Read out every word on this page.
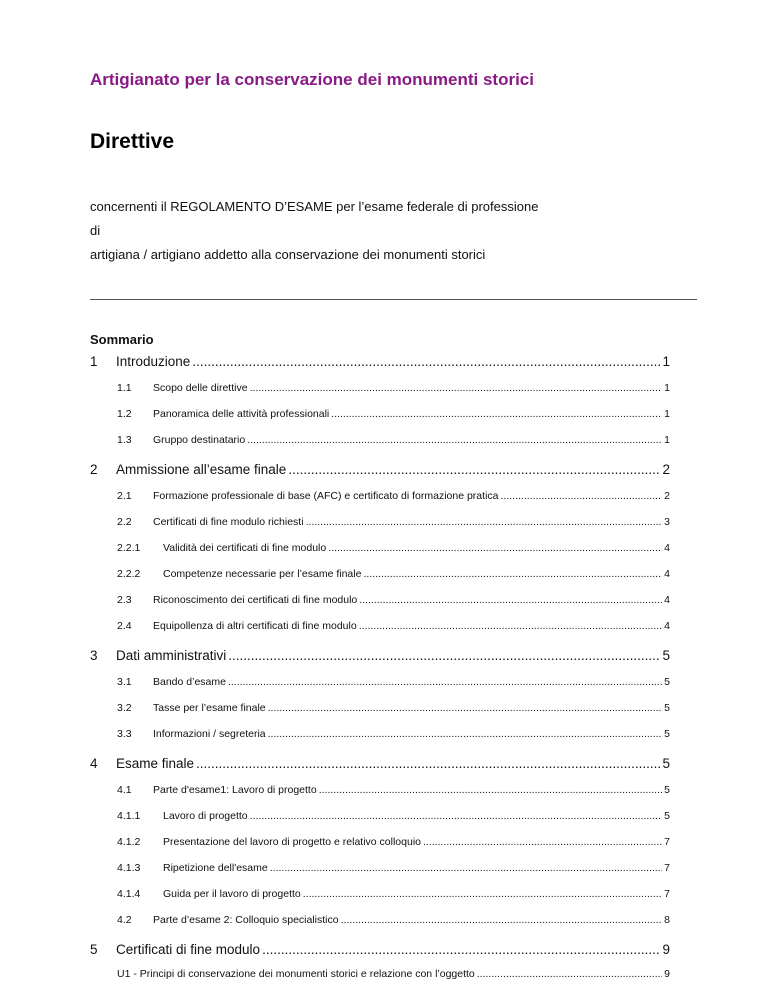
Artigianato per la conservazione dei monumenti storici
Direttive

concernenti il REGOLAMENTO D’ESAME per l’esame federale di professione

di

artigiana / artigiano addetto alla conservazione dei monumenti storici

Sommario
1	Introduzione .....	1
1.1	Scopo delle direttive .....	1
1.2	Panoramica delle attività professionali .....	1
1.3	Gruppo destinatario .....	1
2	Ammissione all’esame finale .....	2
2.1	Formazione professionale di base (AFC) e certificato di formazione pratica .....	2
2.2	Certificati di fine modulo richiesti .....	3
2.2.1	Validità dei certificati di fine modulo .....	4
2.2.2	Competenze necessarie per l’esame finale .....	4
2.3	Riconoscimento dei certificati di fine modulo .....	4
2.4	Equipollenza di altri certificati di fine modulo .....	4
3	Dati amministrativi .....	5
3.1	Bando d’esame .....	5
3.2	Tasse per l’esame finale .....	5
3.3	Informazioni / segreteria .....	5
4	Esame finale .....	5
4.1	Parte d'esame1: Lavoro di progetto .....	5
4.1.1	Lavoro di progetto .....	5
4.1.2	Presentazione del lavoro di progetto e relativo colloquio .....	7
4.1.3	Ripetizione dell'esame .....	7
4.1.4	Guida per il lavoro di progetto .....	7
4.2	Parte d’esame 2: Colloquio specialistico .....	8
5	Certificati di fine modulo .....	9
U1 - Principi di conservazione dei monumenti storici e relazione con l’oggetto .....	9
